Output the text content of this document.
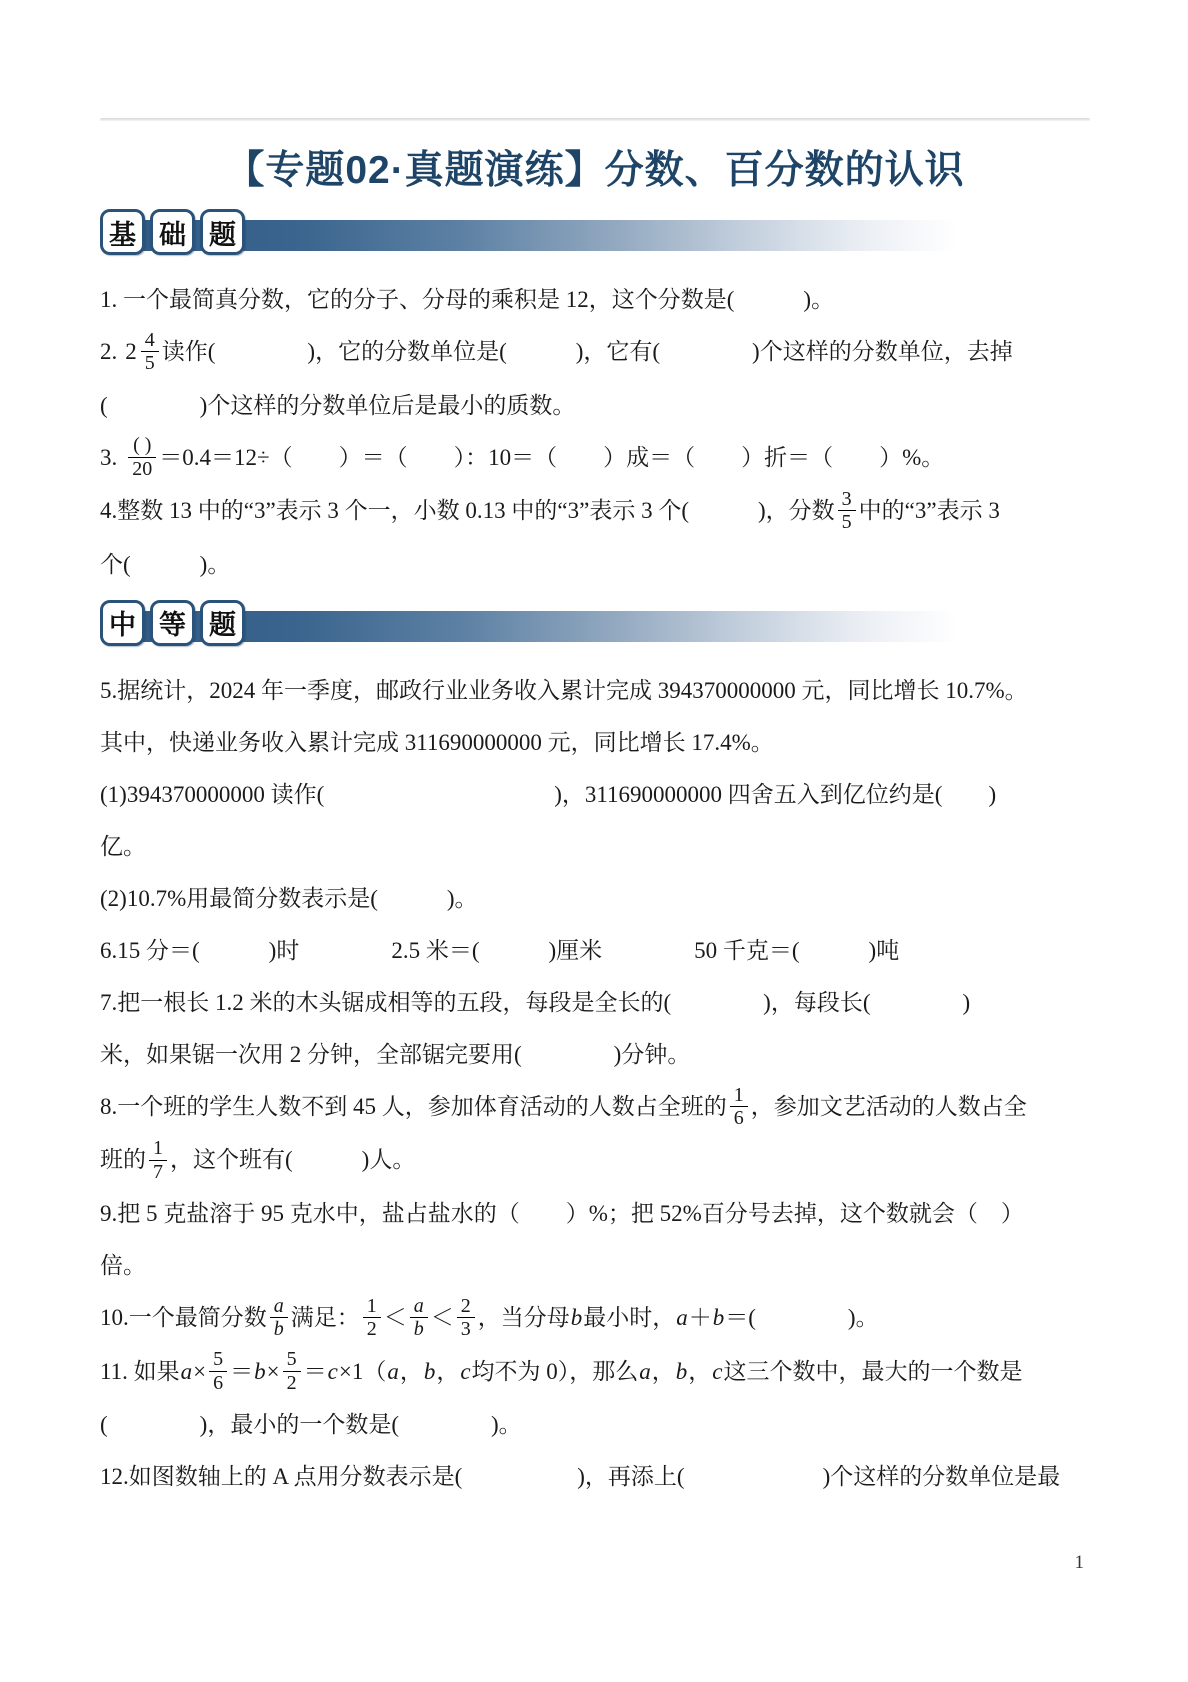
【专题02·真题演练】分数、百分数的认识
基 础 题

1. 一个最简真分数，它的分子、分母的乘积是 12，这个分数是(　　　)。

2. $2 \frac{4}{5}$ 读作(　　　　)，它的分数单位是(　　　)，它有(　　　　)个这样的分数单位，去掉

(　　　　)个这样的分数单位后是最小的质数。

3. $\frac{( )}{20} =0.4=12\div$（　　）＝（　　）：10＝（　　）成＝（　　）折＝（　　）%。

4.整数 13 中的“3”表示 3 个一，小数 0.13 中的“3”表示 3 个(　　　)，分数 $\frac{3}{5}$ 中的“3”表示 3

个(　　　)。

中 等 题

5.据统计，2024 年一季度，邮政行业业务收入累计完成 394370000000 元，同比增长 10.7%。

其中，快递业务收入累计完成 311690000000 元，同比增长 17.4%。

(1)394370000000 读作(　　　　　　　　　　)，311690000000 四舍五入到亿位约是(　　)

亿。

(2)10.7%用最简分数表示是(　　　)。

6.15 分＝(　　　)时　　　　2.5 米＝(　　　)厘米　　　　50 千克＝(　　　)吨

7.把一根长 1.2 米的木头锯成相等的五段，每段是全长的(　　　　)，每段长(　　　　)

米，如果锯一次用 2 分钟，全部锯完要用(　　　　)分钟。

8.一个班的学生人数不到 45 人，参加体育活动的人数占全班的 $\frac{1}{6}$ ，参加文艺活动的人数占全

班的 $\frac{1}{7}$ ，这个班有(　　　)人。

9.把 5 克盐溶于 95 克水中，盐占盐水的（　　）%；把 52%百分号去掉，这个数就会（　）

倍。

10.一个最简分数 $\frac{a}{b}$ 满足： $\frac{1}{2} < \frac{a}{b} < \frac{2}{3}$ ，当分母b最小时，a＋b＝(　　　　)。

11. 如果$a\times \frac{5}{6} =b\times \frac{5}{2} =c\times 1(a$，b，c均不为 0），那么a，b，c这三个数中，最大的一个数是

(　　　　)，最小的一个数是(　　　　)。

12.如图数轴上的 A 点用分数表示是(　　　　　)，再添上(　　　　　　)个这样的分数单位是最

1
